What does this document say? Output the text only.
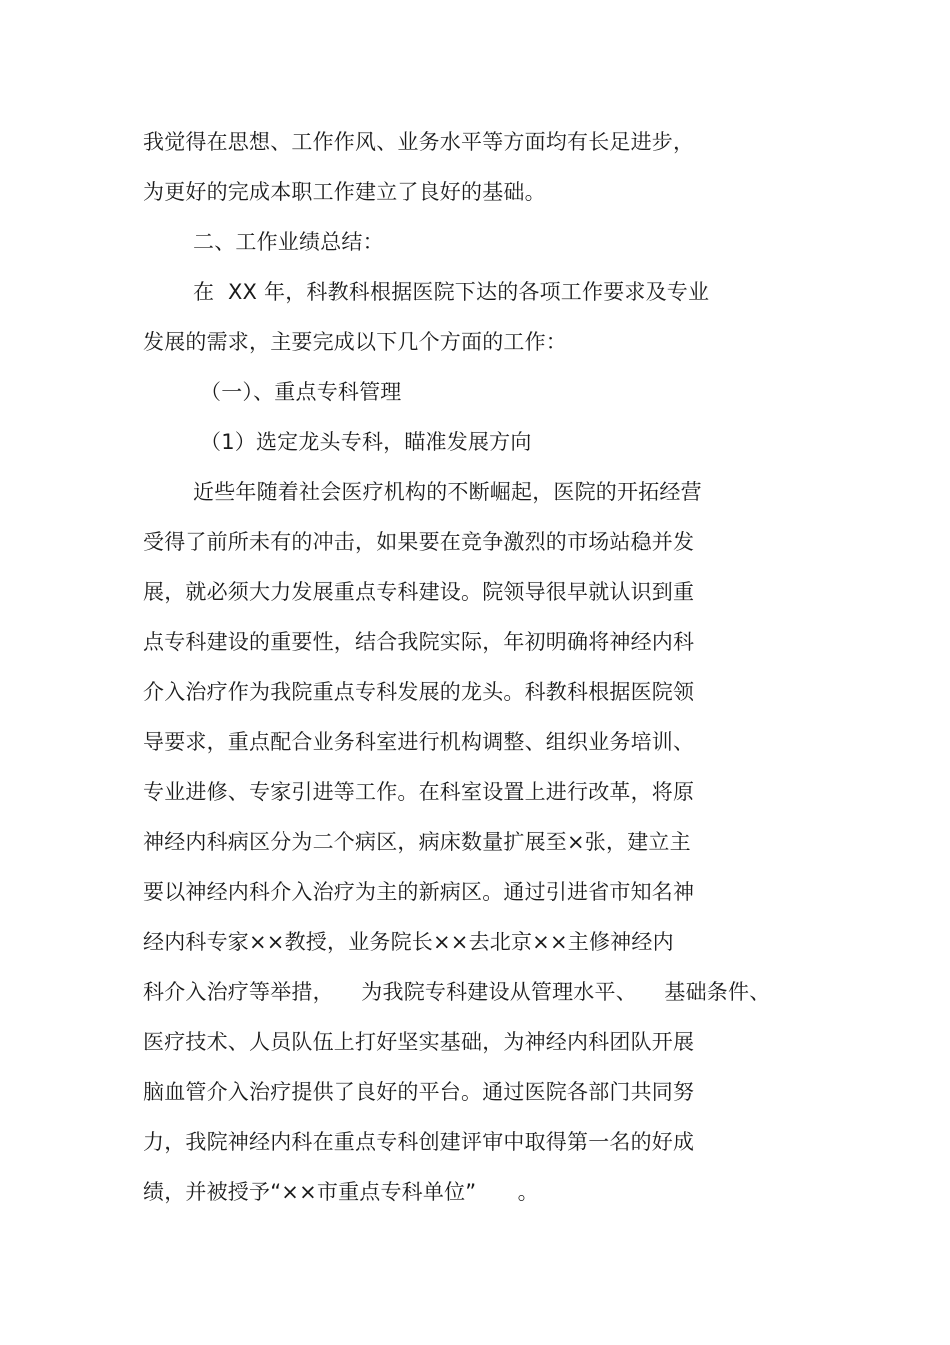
我觉得在思想、工作作风、业务水平等方面均有长足进步，
为更好的完成本职工作建立了良好的基础。
二、工作业绩总结：
在  XX 年，科教科根据医院下达的各项工作要求及专业
发展的需求，主要完成以下几个方面的工作：
（一）、重点专科管理
（1）选定龙头专科，瞄准发展方向
近些年随着社会医疗机构的不断崛起，医院的开拓经营
受得了前所未有的冲击，如果要在竞争激烈的市场站稳并发
展，就必须大力发展重点专科建设。院领导很早就认识到重
点专科建设的重要性，结合我院实际，年初明确将神经内科
介入治疗作为我院重点专科发展的龙头。科教科根据医院领
导要求，重点配合业务科室进行机构调整、组织业务培训、
专业进修、专家引进等工作。在科室设置上进行改革，将原
神经内科病区分为二个病区，病床数量扩展至×张，建立主
要以神经内科介入治疗为主的新病区。通过引进省市知名神
经内科专家××教授，业务院长××去北京××主修神经内
科介入治疗等举措，    为我院专科建设从管理水平、    基础条件、
医疗技术、人员队伍上打好坚实基础，为神经内科团队开展
脑血管介入治疗提供了良好的平台。通过医院各部门共同努
力，我院神经内科在重点专科创建评审中取得第一名的好成
绩，并被授予“××市重点专科单位”      。
